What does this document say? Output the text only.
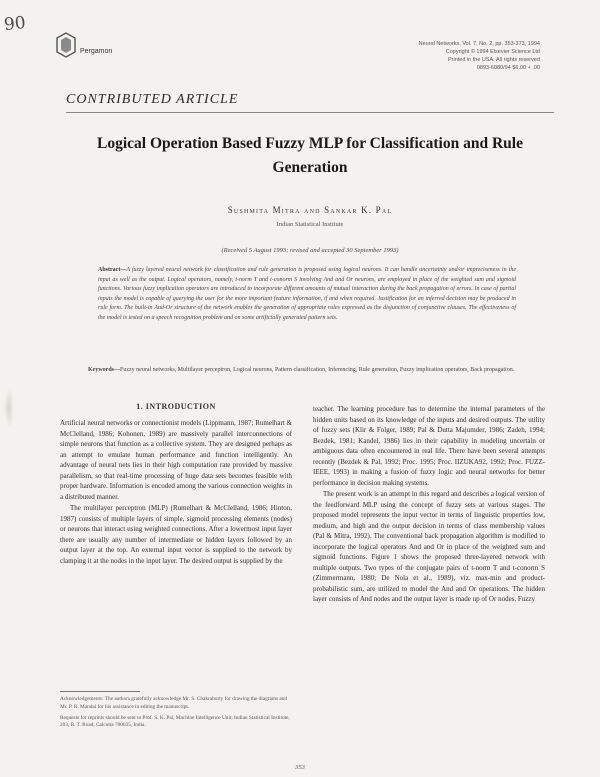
90
Pergamon
Neural Networks, Vol. 7, No. 2, pp. 353-373, 1994
Copyright © 1994 Elsevier Science Ltd
Printed in the USA. All rights reserved
0893-6080/94 $6.00 + .00
CONTRIBUTED ARTICLE
Logical Operation Based Fuzzy MLP for Classification and Rule Generation
Sushmita Mitra and Sankar K. Pal
Indian Statistical Institute
(Received 5 August 1993; revised and accepted 30 September 1993)
Abstract—A fuzzy layered neural network for classification and rule generation is proposed using logical neurons. It can handle uncertainty and/or impreciseness in the input as well as the output. Logical operators, namely, t-norm T and t-conorm S involving And and Or neurons, are employed in place of the weighted sum and sigmoid functions. Various fuzzy implication operators are introduced to incorporate different amounts of mutual interaction during the back propagation of errors. In case of partial inputs the model is capable of querying the user for the more important feature information, if and when required. Justification for an inferred decision may be produced in rule form. The built-in And-Or structure of the network enables the generation of appropriate rules expressed as the disjunction of conjunctive clauses. The effectiveness of the model is tested on a speech recognition problem and on some artificially generated pattern sets.
Keywords—Fuzzy neural networks, Multilayer perceptron, Logical neurons, Pattern classification, Inferencing, Rule generation, Fuzzy implication operators, Back propagation.
1. INTRODUCTION

Artificial neural networks or connectionist models (Lippmann, 1987; Rumelhart & McClelland, 1986; Kohonen, 1989) are massively parallel interconnections of simple neurons that function as a collective system. They are designed perhaps as an attempt to emulate human performance and function intelligently. An advantage of neural nets lies in their high computation rate provided by massive parallelism, so that real-time processing of huge data sets becomes feasible with proper hardware. Information is encoded among the various connection weights in a distributed manner.

The multilayer perceptron (MLP) (Rumelhart & McClelland, 1986; Hinton, 1987) consists of multiple layers of simple, sigmoid processing elements (nodes) or neurons that interact using weighted connections. After a lowermost input layer there are usually any number of intermediate or hidden layers followed by an output layer at the top. An external input vector is supplied to the network by clamping it at the nodes in the input layer. The desired output is supplied by the

teacher. The learning procedure has to determine the internal parameters of the hidden units based on its knowledge of the inputs and desired outputs. The utility of fuzzy sets (Klir & Folger, 1989; Pal & Dutta Majumder, 1986; Zadeh, 1994; Bezdek, 1981; Kandel, 1986) lies in their capability in modeling uncertain or ambiguous data often encountered in real life. There have been several attempts recently (Bezdek & Pal, 1992; Proc. 1995; Proc. IIZUKA92, 1992; Proc. FUZZ-IEEE, 1993) in making a fusion of fuzzy logic and neural networks for better performance in decision making systems.

The present work is an attempt in this regard and describes a logical version of the feedforward MLP using the concept of fuzzy sets at various stages. The proposed model represents the input vector in terms of linguistic properties low, medium, and high and the output decision in terms of class membership values (Pal & Mitra, 1992). The conventional back propagation algorithm is modified to incorporate the logical operators And and Or in place of the weighted sum and sigmoid functions. Figure 1 shows the proposed three-layered network with multiple outputs. Two types of the conjugate pairs of t-norm T and t-conorm S (Zimmermann, 1980; De Nola et al., 1989), viz. max-min and product-probabilistic sum, are utilized to model the And and Or operations. The hidden layer consists of And nodes and the output layer is made up of Or nodes. Fuzzy

Acknowledgements: The authors gratefully acknowledge Mr. S. Chakraborty for drawing the diagrams and Mr. P. R. Mandal for his assistance in editing the manuscript.

Requests for reprints should be sent to Prof. S. K. Pal, Machine Intelligence Unit, Indian Statistical Institute, 203, B. T. Road, Calcutta 700035, India.

353
